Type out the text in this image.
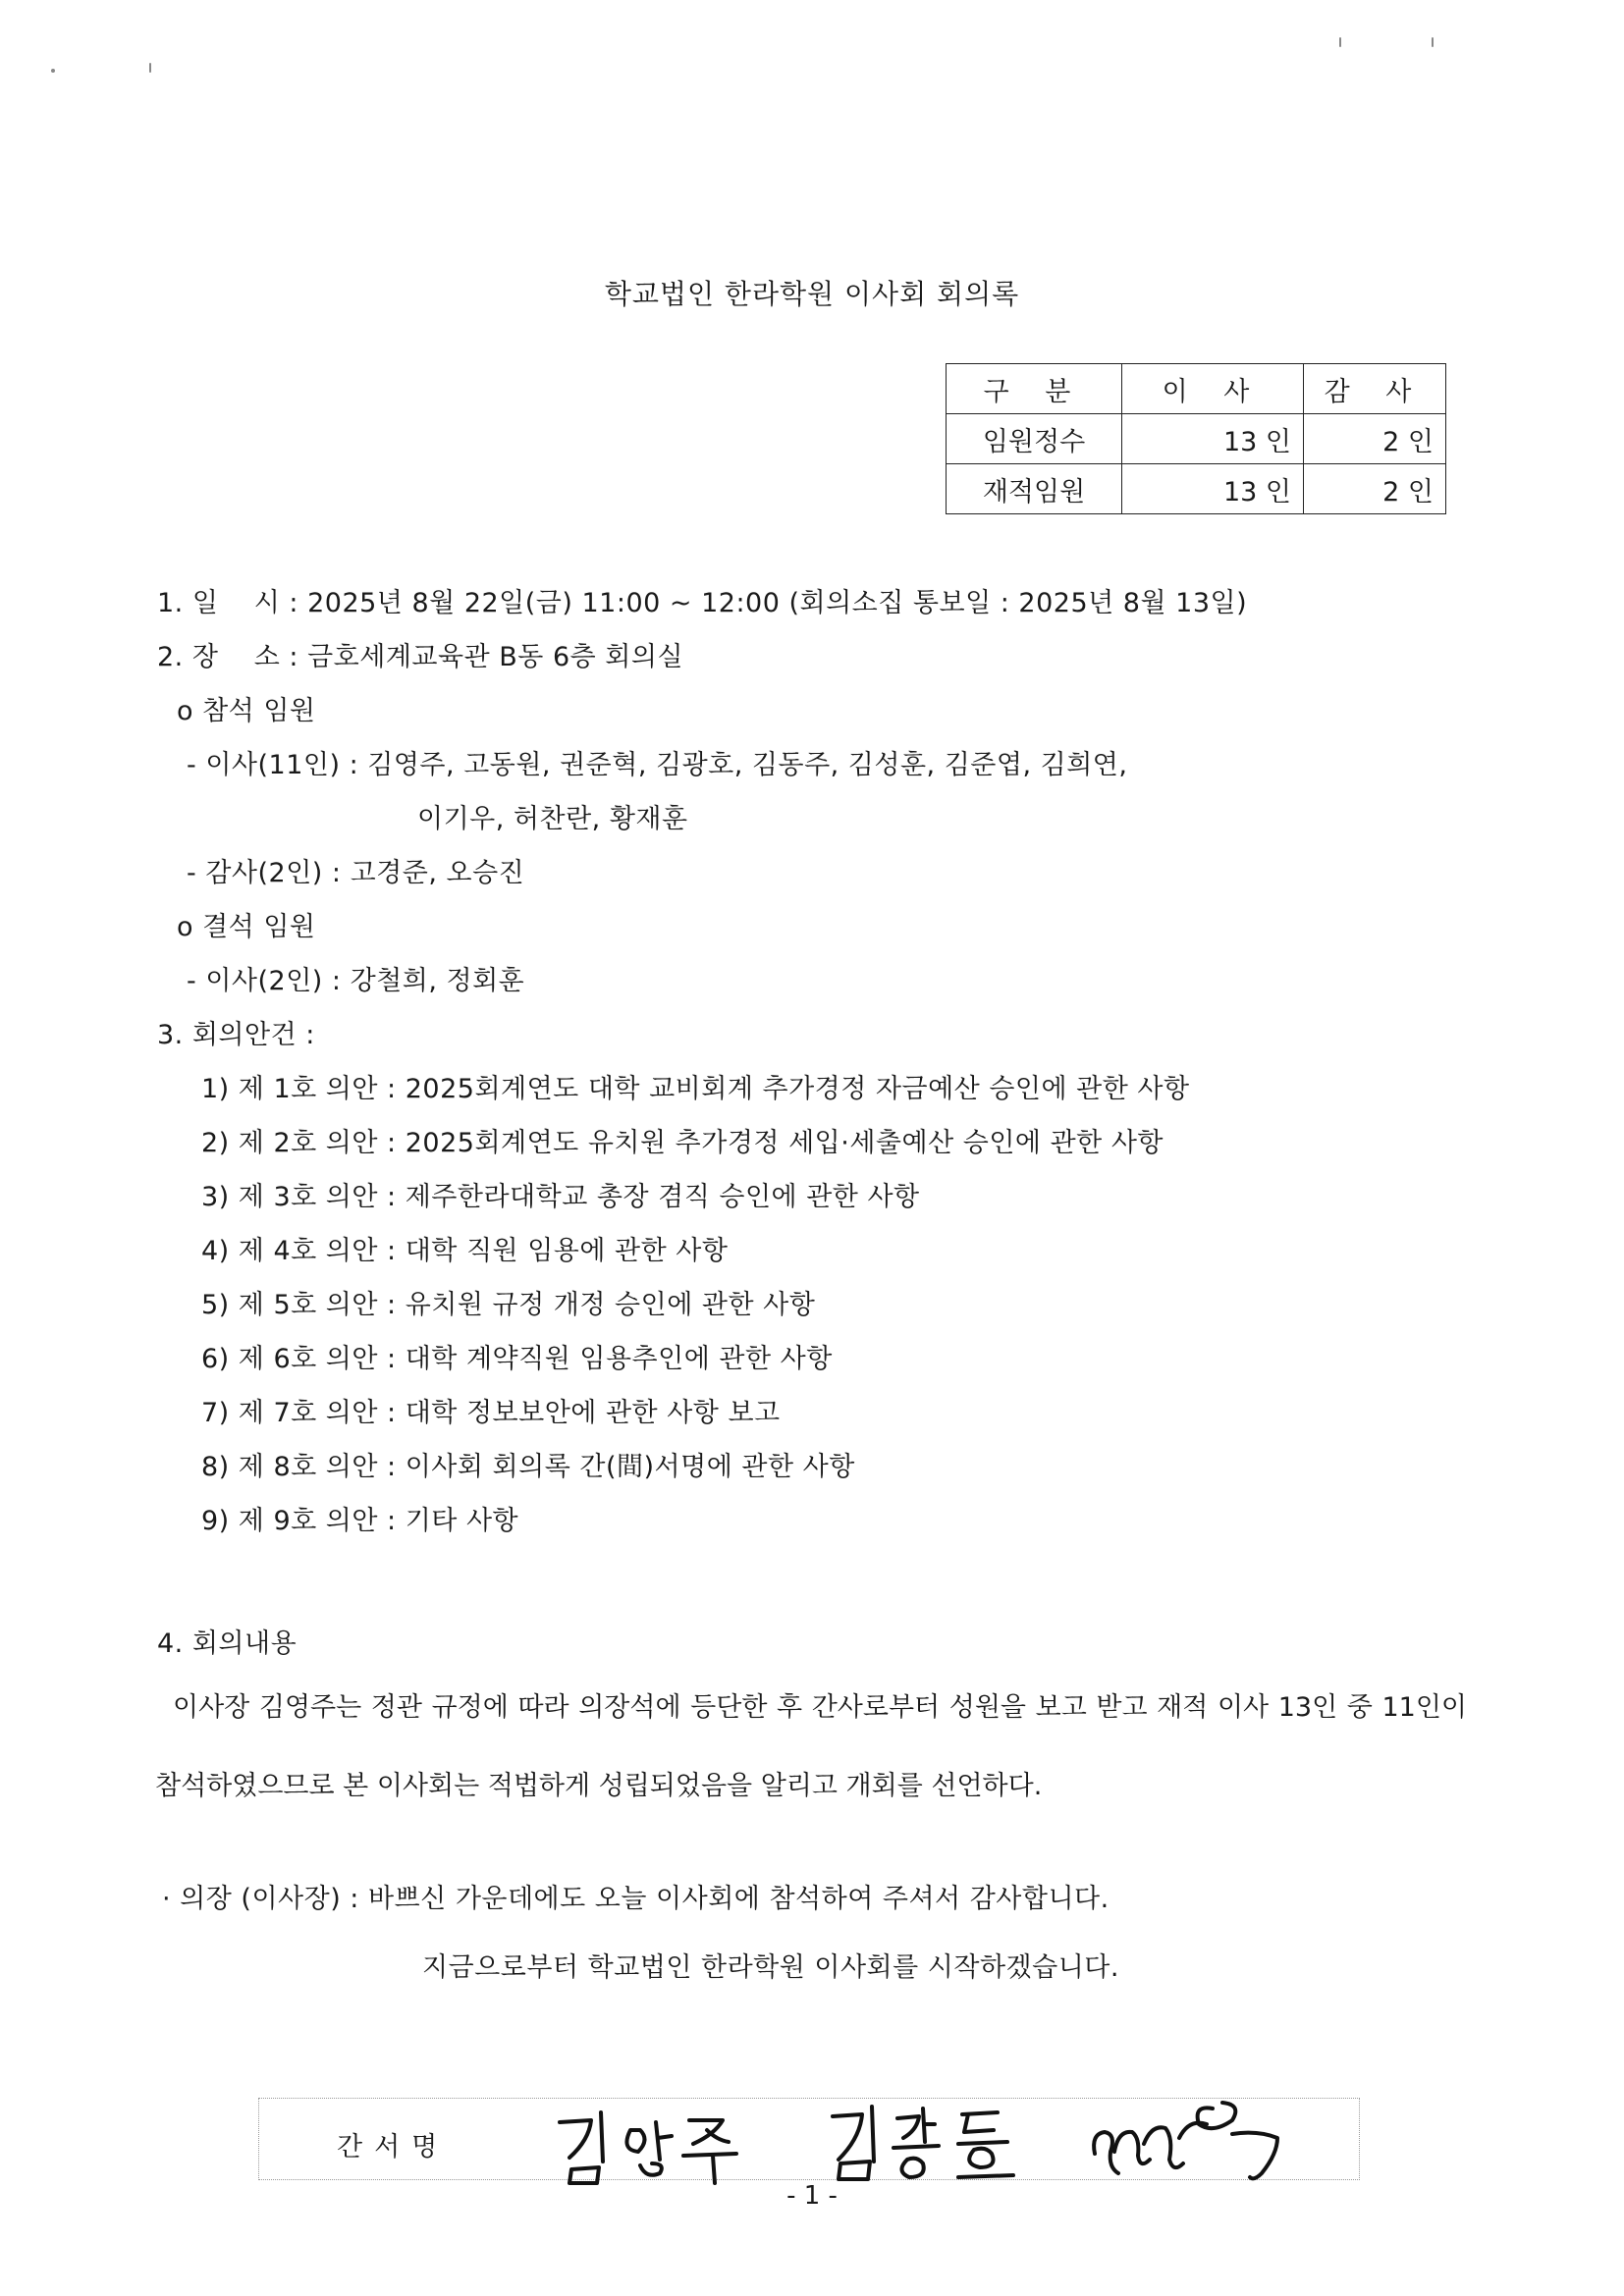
학교법인 한라학원 이사회 회의록
구 분	이 사	감 사
임원정수	13 인	2 인
재적임원	13 인	2 인
1. 일    시 : 2025년 8월 22일(금) 11:00 ~ 12:00 (회의소집 통보일 : 2025년 8월 13일)
2. 장    소 : 금호세계교육관 B동 6층 회의실
o 참석 임원
- 이사(11인) : 김영주, 고동원, 권준혁, 김광호, 김동주, 김성훈, 김준엽, 김희연,
이기우, 허찬란, 황재훈
- 감사(2인) : 고경준, 오승진
o 결석 임원
- 이사(2인) : 강철희, 정회훈
3. 회의안건 :
1) 제 1호 의안 : 2025회계연도 대학 교비회계 추가경정 자금예산 승인에 관한 사항
2) 제 2호 의안 : 2025회계연도 유치원 추가경정 세입·세출예산 승인에 관한 사항
3) 제 3호 의안 : 제주한라대학교 총장 겸직 승인에 관한 사항
4) 제 4호 의안 : 대학 직원 임용에 관한 사항
5) 제 5호 의안 : 유치원 규정 개정 승인에 관한 사항
6) 제 6호 의안 : 대학 계약직원 임용추인에 관한 사항
7) 제 7호 의안 : 대학 정보보안에 관한 사항 보고
8) 제 8호 의안 : 이사회 회의록 간(間)서명에 관한 사항
9) 제 9호 의안 : 기타 사항
4. 회의내용
이사장 김영주는 정관 규정에 따라 의장석에 등단한 후 간사로부터 성원을 보고 받고 재적 이사 13인 중 11인이 참석하였으므로 본 이사회는 적법하게 성립되었음을 알리고 개회를 선언하다.
· 의장 (이사장) : 바쁘신 가운데에도 오늘 이사회에 참석하여 주셔서 감사합니다.
지금으로부터 학교법인 한라학원 이사회를 시작하겠습니다.
간서명
- 1 -
